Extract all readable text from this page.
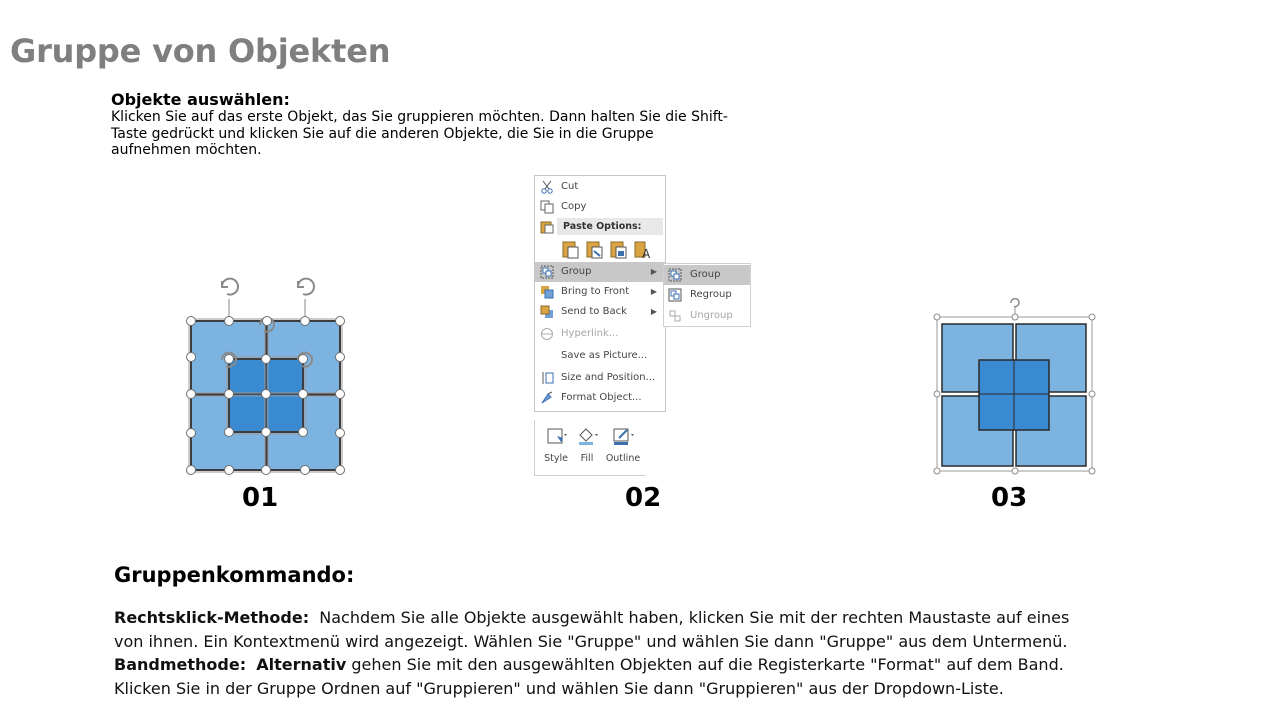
Gruppe von Objekten
Objekte auswählen:

Klicken Sie auf das erste Objekt, das Sie gruppieren möchten. Dann halten Sie die Shift-Taste gedrückt und klicken Sie auf die anderen Objekte, die Sie in die Gruppe aufnehmen möchten.

Cut
Copy
Paste Options:
A
Group	▶
Bring to Front	▶
Send to Back	▶
Hyperlink...
Save as Picture...
Size and Position...
Format Object...
Group
Regroup
Ungroup
Style	Fill	Outline
01	02	03
Gruppenkommando:

Rechtsklick-Methode: Nachdem Sie alle Objekte ausgewählt haben, klicken Sie mit der rechten Maustaste auf eines von ihnen. Ein Kontextmenü wird angezeigt. Wählen Sie "Gruppe" und wählen Sie dann "Gruppe" aus dem Untermenü.

Bandmethode: Alternativ gehen Sie mit den ausgewählten Objekten auf die Registerkarte "Format" auf dem Band. Klicken Sie in der Gruppe Ordnen auf "Gruppieren" und wählen Sie dann "Gruppieren" aus der Dropdown-Liste.
